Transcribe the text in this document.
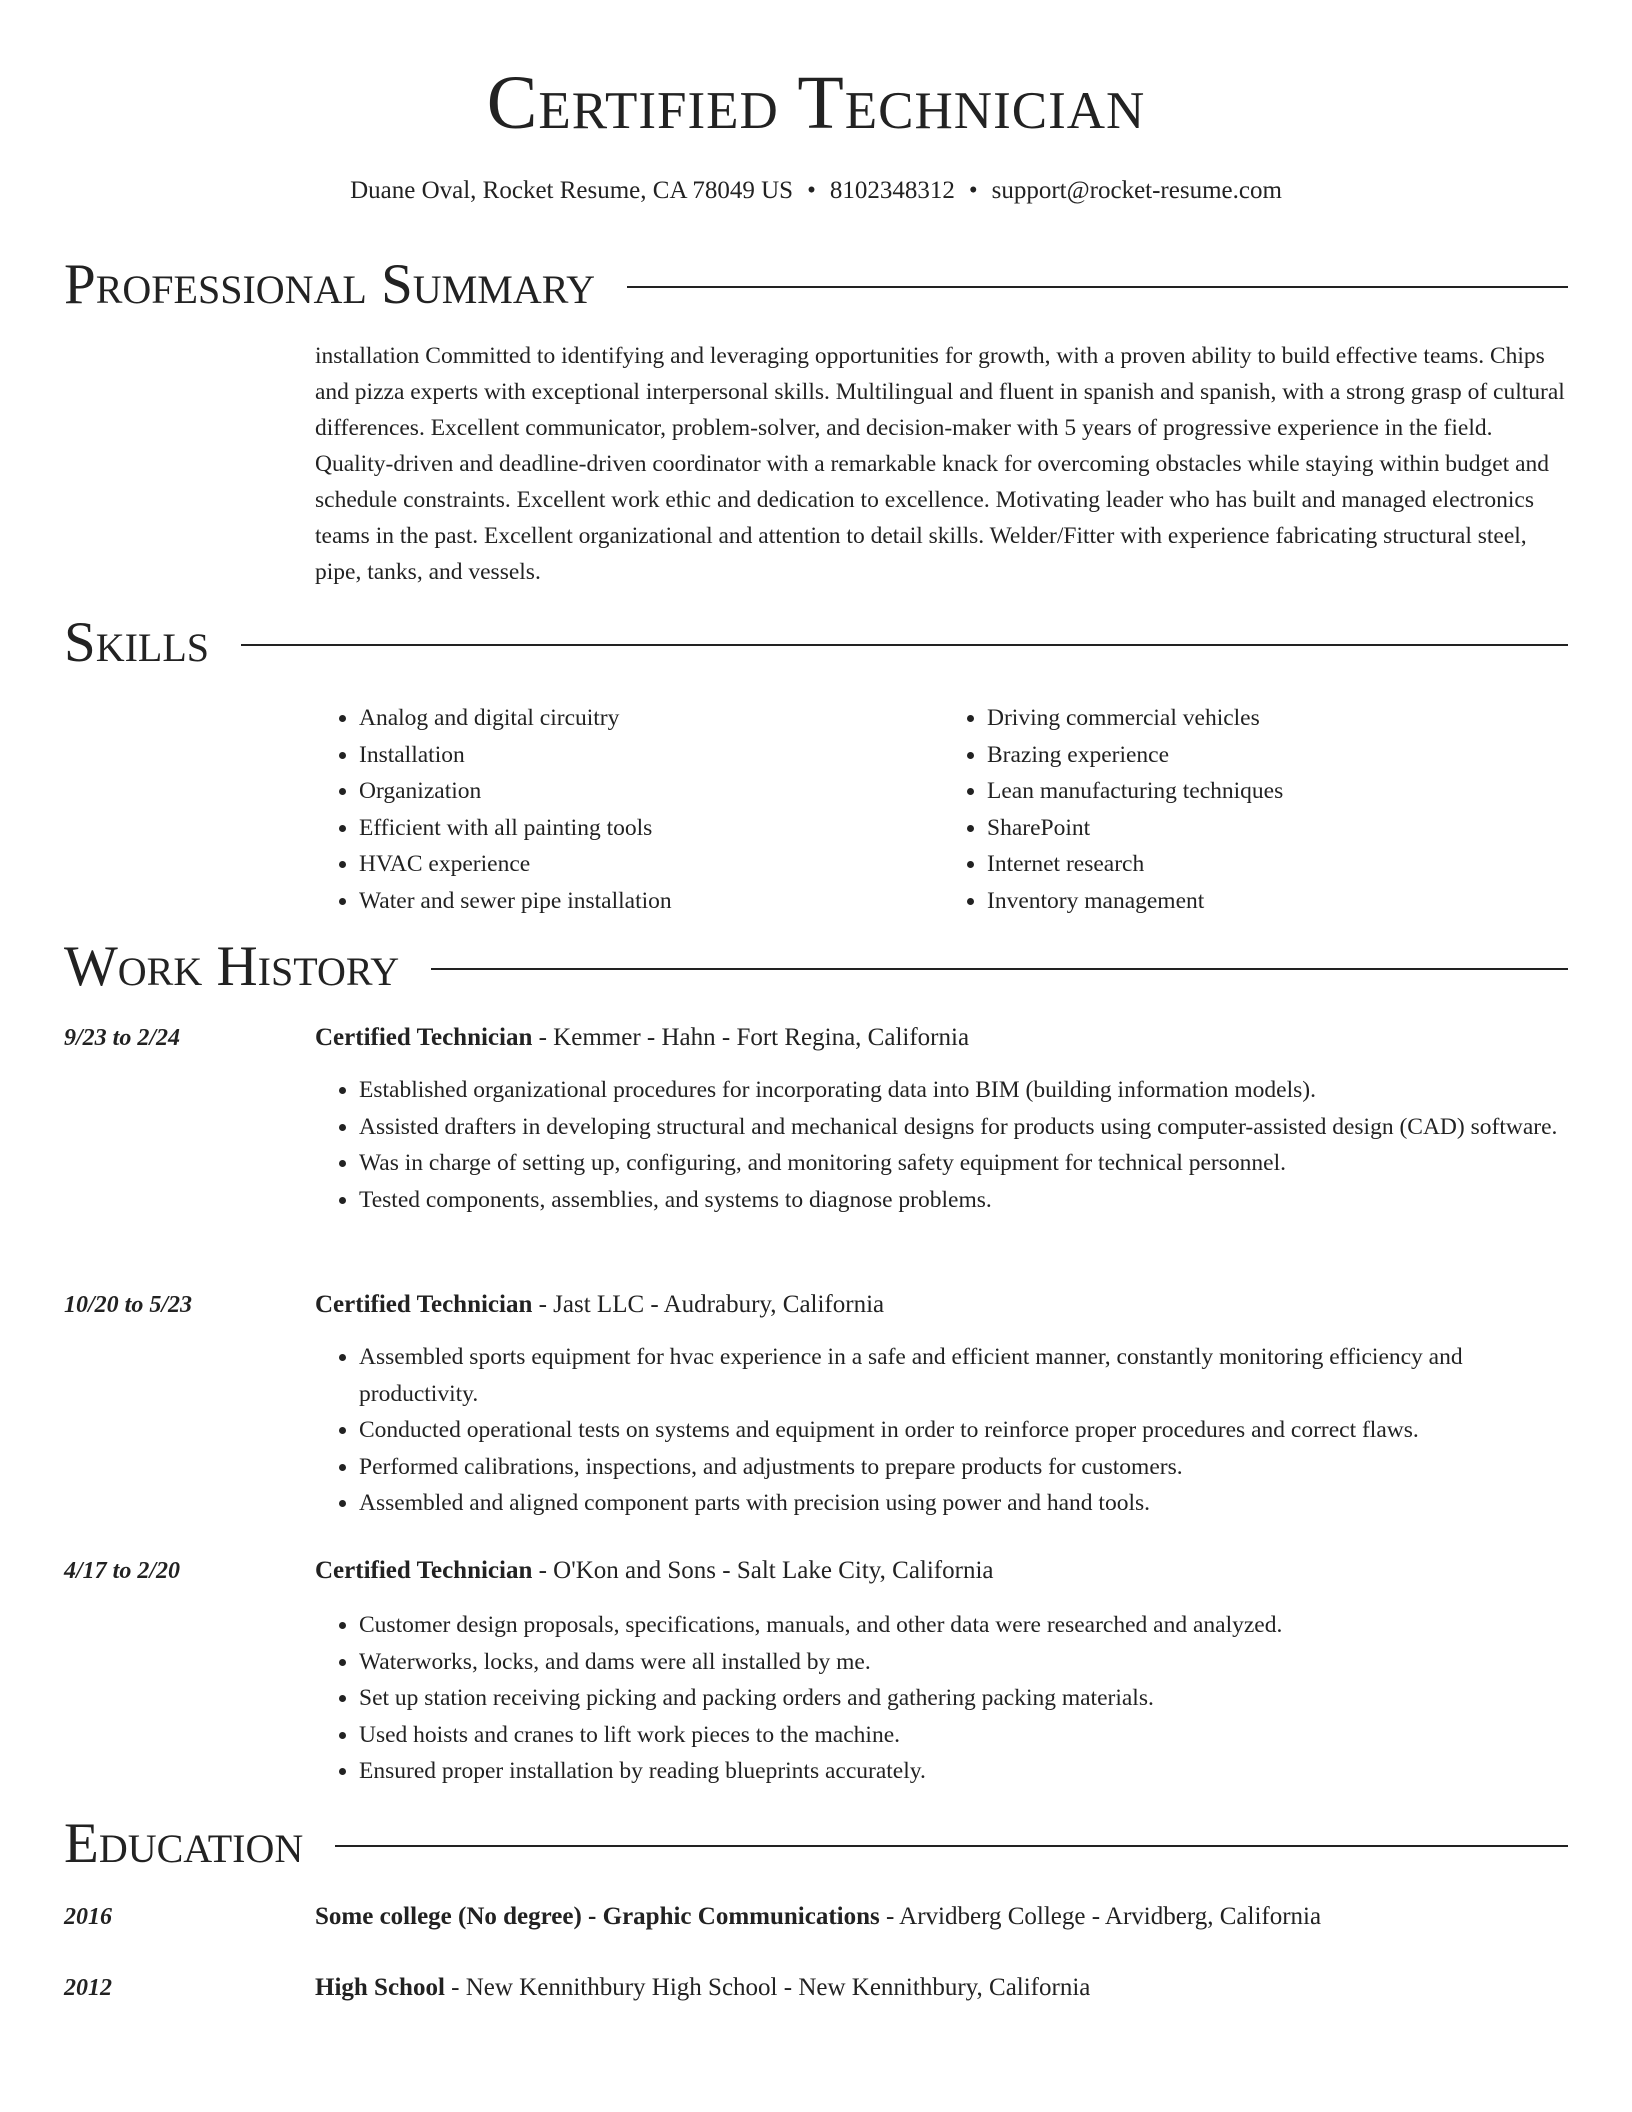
Certified Technician
Duane Oval, Rocket Resume, CA 78049 US • 8102348312 • support@rocket-resume.com
Professional Summary

installation Committed to identifying and leveraging opportunities for growth, with a proven ability to build effective teams. Chips and pizza experts with exceptional interpersonal skills. Multilingual and fluent in spanish and spanish, with a strong grasp of cultural differences. Excellent communicator, problem-solver, and decision-maker with 5 years of progressive experience in the field. Quality-driven and deadline-driven coordinator with a remarkable knack for overcoming obstacles while staying within budget and schedule constraints. Excellent work ethic and dedication to excellence. Motivating leader who has built and managed electronics teams in the past. Excellent organizational and attention to detail skills. Welder/Fitter with experience fabricating structural steel, pipe, tanks, and vessels.

Skills
• Analog and digital circuitry
• Installation
• Organization
• Efficient with all painting tools
• HVAC experience
• Water and sewer pipe installation
• Driving commercial vehicles
• Brazing experience
• Lean manufacturing techniques
• SharePoint
• Internet research
• Inventory management
Work History
9/23 to 2/24	Certified Technician - Kemmer - Hahn - Fort Regina, California
• Established organizational procedures for incorporating data into BIM (building information models).
• Assisted drafters in developing structural and mechanical designs for products using computer-assisted design (CAD) software.
• Was in charge of setting up, configuring, and monitoring safety equipment for technical personnel.
• Tested components, assemblies, and systems to diagnose problems.
10/20 to 5/23	Certified Technician - Jast LLC - Audrabury, California
• Assembled sports equipment for hvac experience in a safe and efficient manner, constantly monitoring efficiency and productivity.
• Conducted operational tests on systems and equipment in order to reinforce proper procedures and correct flaws.
• Performed calibrations, inspections, and adjustments to prepare products for customers.
• Assembled and aligned component parts with precision using power and hand tools.
4/17 to 2/20	Certified Technician - O'Kon and Sons - Salt Lake City, California
• Customer design proposals, specifications, manuals, and other data were researched and analyzed.
• Waterworks, locks, and dams were all installed by me.
• Set up station receiving picking and packing orders and gathering packing materials.
• Used hoists and cranes to lift work pieces to the machine.
• Ensured proper installation by reading blueprints accurately.
Education
2016	Some college (No degree) - Graphic Communications - Arvidberg College - Arvidberg, California
2012	High School - New Kennithbury High School - New Kennithbury, California
